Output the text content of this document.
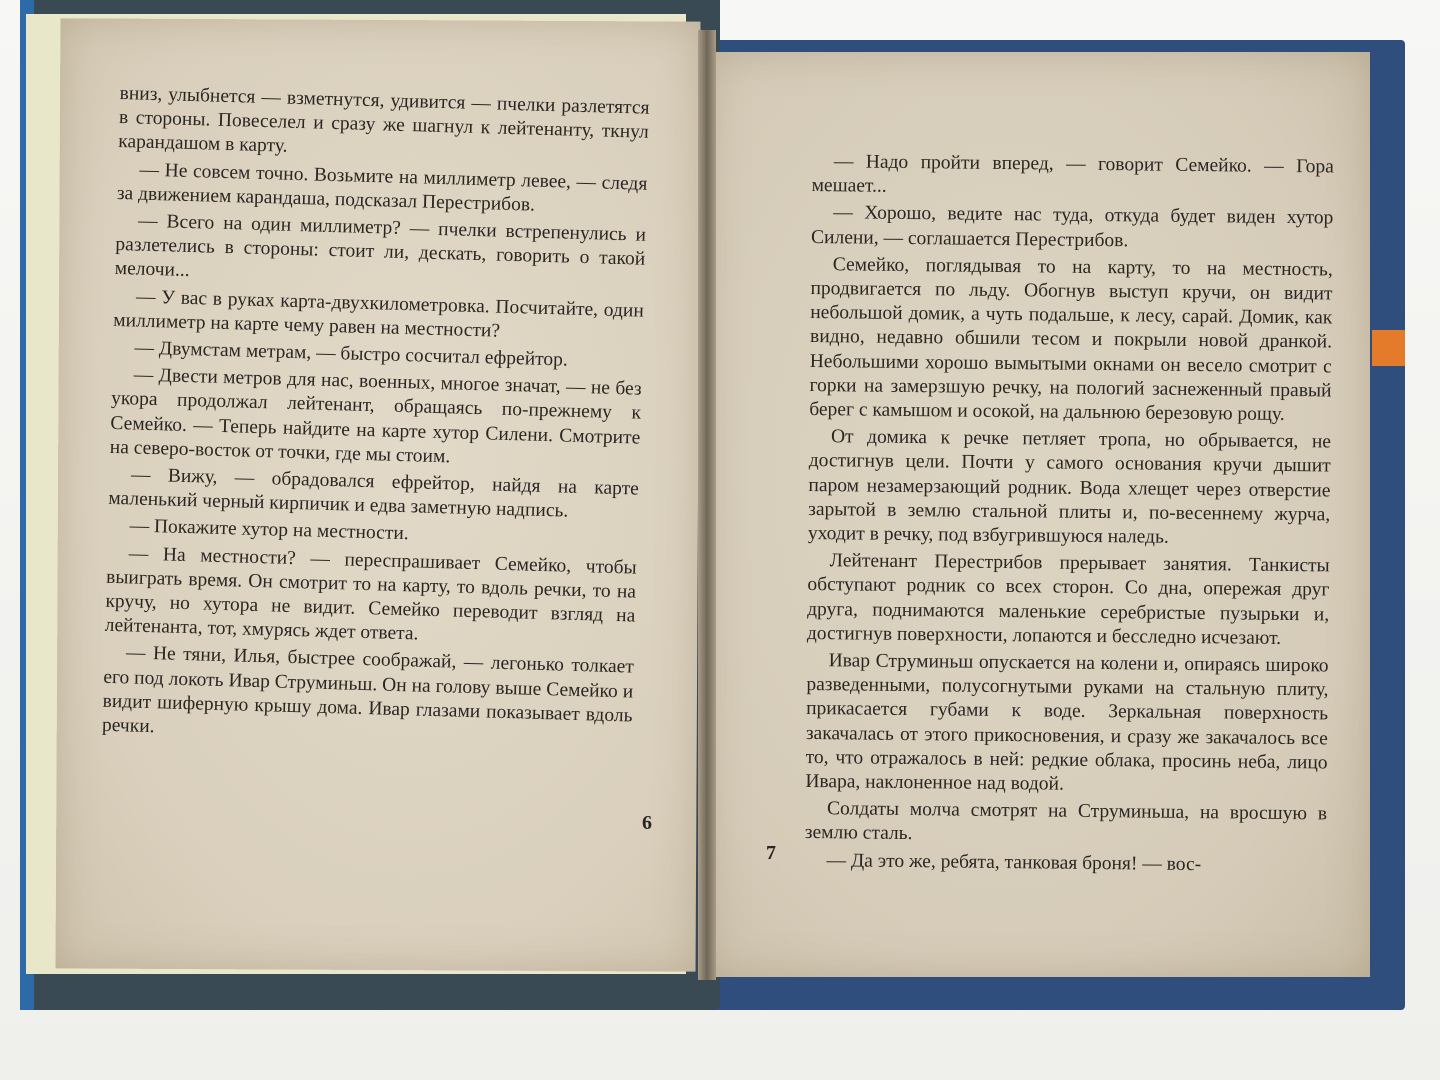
вниз, улыбнется — взметнутся, удивится — пчелки разлетятся в стороны. Повеселел и сразу же шагнул к лейтенанту, ткнул карандашом в карту.

— Не совсем точно. Возьмите на миллиметр левее, — следя за движением карандаша, подсказал Перестрибов.

— Всего на один миллиметр? — пчелки встрепенулись и разлетелись в стороны: стоит ли, дескать, говорить о такой мелочи...

— У вас в руках карта-двухкилометровка. Посчитайте, один миллиметр на карте чему равен на местности?

— Двумстам метрам, — быстро сосчитал ефрейтор.

— Двести метров для нас, военных, многое значат, — не без укора продолжал лейтенант, обращаясь по-прежнему к Семейко. — Теперь найдите на карте хутор Силени. Смотрите на северо-восток от точки, где мы стоим.

— Вижу, — обрадовался ефрейтор, найдя на карте маленький черный кирпичик и едва заметную надпись.

— Покажите хутор на местности.

— На местности? — переспрашивает Семейко, чтобы выиграть время. Он смотрит то на карту, то вдоль речки, то на кручу, но хутора не видит. Семейко переводит взгляд на лейтенанта, тот, хмурясь ждет ответа.

— Не тяни, Илья, быстрее соображай, — легонько толкает его под локоть Ивар Струминьш. Он на голову выше Семейко и видит шиферную крышу дома. Ивар глазами показывает вдоль речки.

6

— Надо пройти вперед, — говорит Семейко. — Гора мешает...

— Хорошо, ведите нас туда, откуда будет виден хутор Силени, — соглашается Перестрибов.

Семейко, поглядывая то на карту, то на местность, продвигается по льду. Обогнув выступ кручи, он видит небольшой домик, а чуть подальше, к лесу, сарай. Домик, как видно, недавно обшили тесом и покрыли новой дранкой. Небольшими хорошо вымытыми окнами он весело смотрит с горки на замерзшую речку, на пологий заснеженный правый берег с камышом и осокой, на дальнюю березовую рощу.

От домика к речке петляет тропа, но обрывается, не достигнув цели. Почти у самого основания кручи дышит паром незамерзающий родник. Вода хлещет через отверстие зарытой в землю стальной плиты и, по-весеннему журча, уходит в речку, под взбугрившуюся наледь.

Лейтенант Перестрибов прерывает занятия. Танкисты обступают родник со всех сторон. Со дна, опережая друг друга, поднимаются маленькие серебристые пузырьки и, достигнув поверхности, лопаются и бесследно исчезают.

Ивар Струминьш опускается на колени и, опираясь широко разведенными, полусогнутыми руками на стальную плиту, прикасается губами к воде. Зеркальная поверхность закачалась от этого прикосновения, и сразу же закачалось все то, что отражалось в ней: редкие облака, просинь неба, лицо Ивара, наклоненное над водой.

Солдаты молча смотрят на Струминьша, на вросшую в землю сталь.

— Да это же, ребята, танковая броня! — вос-

7
